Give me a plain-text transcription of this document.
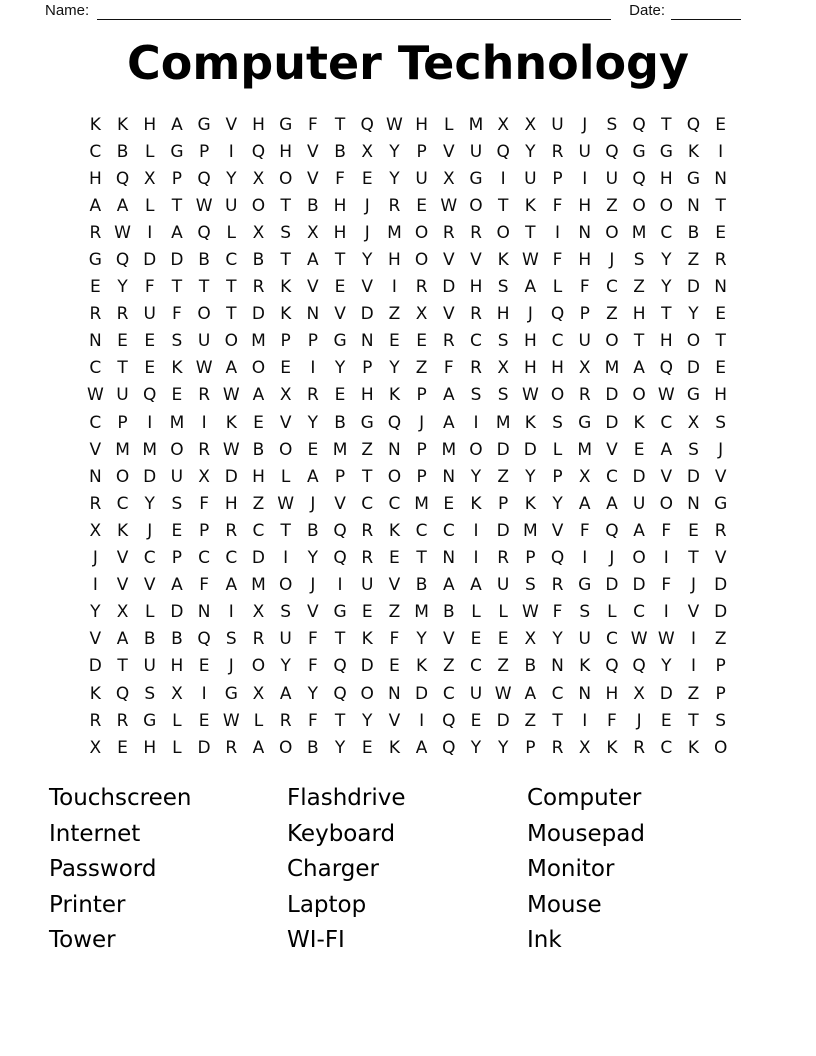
Name:	Date:
Computer Technology
K K H A G V H G F	T Q W H L M X X U	J	S Q T Q E
C B L G P	I	Q H V B X Y P V U Q Y R U Q G G K	I
H Q X P Q Y X O V F E Y U X G	I	U P	I	U Q H G N
A A L	T W U O T B H	J	R E W O T K F H Z O O N T
R W I	A Q L X S X H	J	M O R R O T	I	N O M C B E
G Q D D B C B T A T Y H O V V K W F H	J	S Y Z R
E Y	F	T T T R K V E V	I	R D H S A L	F C Z Y D N
R R U F O T D K N V D Z X V R H	J	Q P Z H T Y E
N E E S U O M P P G N E E R C S H C U O T H O T
C T E K W A O E	I	Y P Y Z F R X H H X M A Q D E
W U Q E R W A X R E H K P A S S W O R D O W G H
C P	I	M	I	K E V Y B G Q	J	A	I	M K S G D K C X S
V M M O R W B O E M Z N P M O D D L M V E A S	J
N O D U X D H L A P T O P N Y Z Y P X C D V D V
R C Y S F H Z W J	V C C M E K P K Y A A U O N G
X K	J	E P R C T B Q R K C C	I	D M V F Q A F E R
J	V C P C C D	I	Y Q R E T N	I	R P Q	I	J	O	I	T V
I	V V A F A M O	J	I	U V B A A U S R G D D F	J	D
Y X L D N	I	X S V G E Z M B L	L W F S	L C	I	V D
V A B B Q S R U F	T K F	Y V E E X Y U C W W I	Z
D T U H E	J	O Y	F Q D E K Z C Z B N K Q Q Y	I	P
K Q S X	I	G X A Y Q O N D C U W A C N H X D Z P
R R G L	E W L R F	T Y V	I	Q E D Z T	I	F	J	E T S
X E H L D R A O B Y E K A Q Y Y P R X K R C K O
Touchscreen
Internet
Password
Printer
Tower
Flashdrive
Keyboard
Charger
Laptop
WI-FI
Computer
Mousepad
Monitor
Mouse
Ink
